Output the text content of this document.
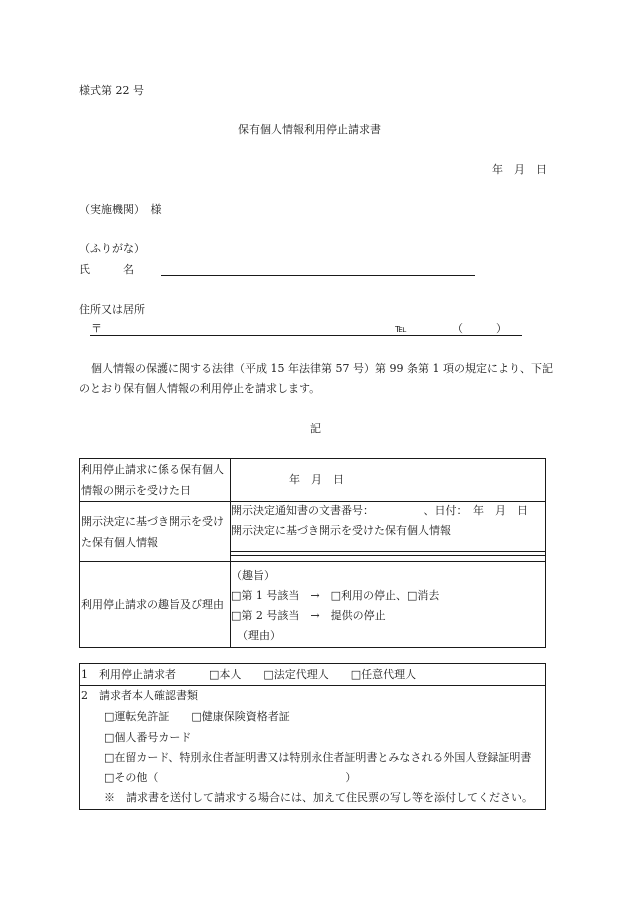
様式第 22 号
保有個人情報利用停止請求書
年　月　日
（実施機関）　様
（ふりがな）
氏　　　名
住所又は居所
〒	℡	（　　　）
個人情報の保護に関する法律（平成 15 年法律第 57 号）第 99 条第 1 項の規定により、下記
のとおり保有個人情報の利用停止を請求します。
記
利用停止請求に係る保有個人情報の開示を受けた日	年　月　日

開示決定に基づき開示を受けた保有個人情報	開示決定通知書の文書番号：　　　　　、日付：　年　月　日
開示決定に基づき開示を受けた保有個人情報

利用停止請求の趣旨及び理由	（趣旨）
□第 1 号該当　→　□利用の停止、□消去
□第 2 号該当　→　提供の停止
（理由）
1　利用停止請求者　　　□本人　　□法定代理人　　□任意代理人
2　請求者本人確認書類
□運転免許証　　□健康保険資格者証
□個人番号カード
□在留カード、特別永住者証明書又は特別永住者証明書とみなされる外国人登録証明書
□その他（　　　　　　　　　　　　　　　　　）
※　請求書を送付して請求する場合には、加えて住民票の写し等を添付してください。
